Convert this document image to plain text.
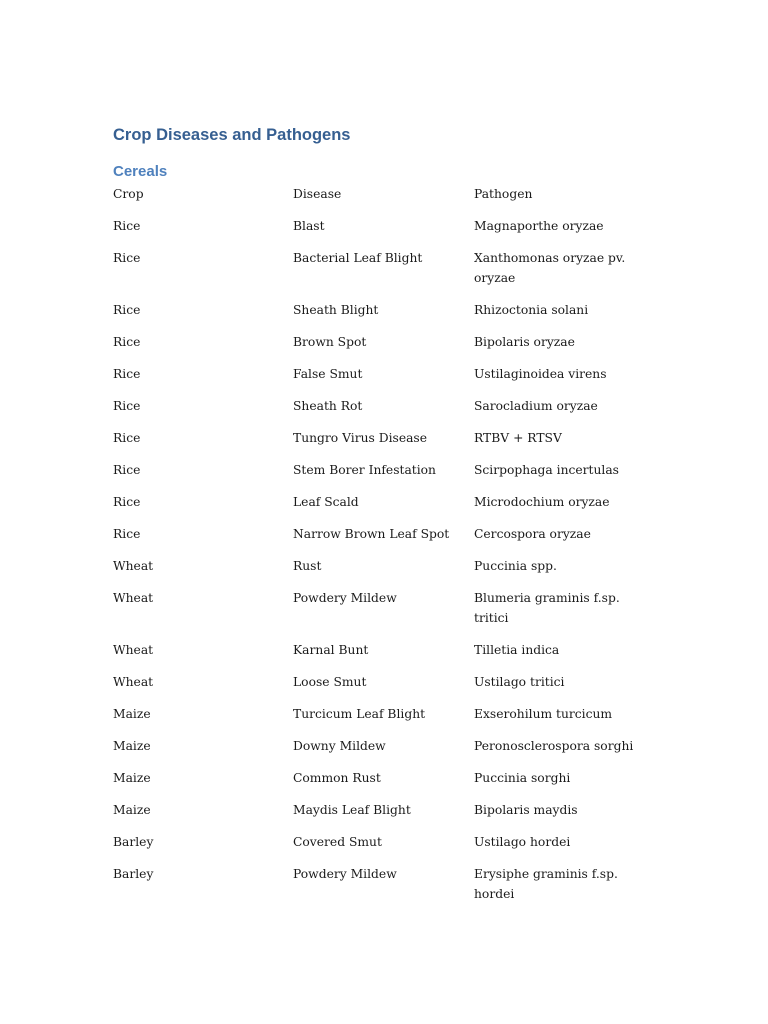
Crop Diseases and Pathogens
Cereals
Crop	Disease	Pathogen
Rice	Blast	Magnaporthe oryzae
Rice	Bacterial Leaf Blight	Xanthomonas oryzae pv. oryzae
Rice	Sheath Blight	Rhizoctonia solani
Rice	Brown Spot	Bipolaris oryzae
Rice	False Smut	Ustilaginoidea virens
Rice	Sheath Rot	Sarocladium oryzae
Rice	Tungro Virus Disease	RTBV + RTSV
Rice	Stem Borer Infestation	Scirpophaga incertulas
Rice	Leaf Scald	Microdochium oryzae
Rice	Narrow Brown Leaf Spot	Cercospora oryzae
Wheat	Rust	Puccinia spp.
Wheat	Powdery Mildew	Blumeria graminis f.sp. tritici
Wheat	Karnal Bunt	Tilletia indica
Wheat	Loose Smut	Ustilago tritici
Maize	Turcicum Leaf Blight	Exserohilum turcicum
Maize	Downy Mildew	Peronosclerospora sorghi
Maize	Common Rust	Puccinia sorghi
Maize	Maydis Leaf Blight	Bipolaris maydis
Barley	Covered Smut	Ustilago hordei
Barley	Powdery Mildew	Erysiphe graminis f.sp. hordei
